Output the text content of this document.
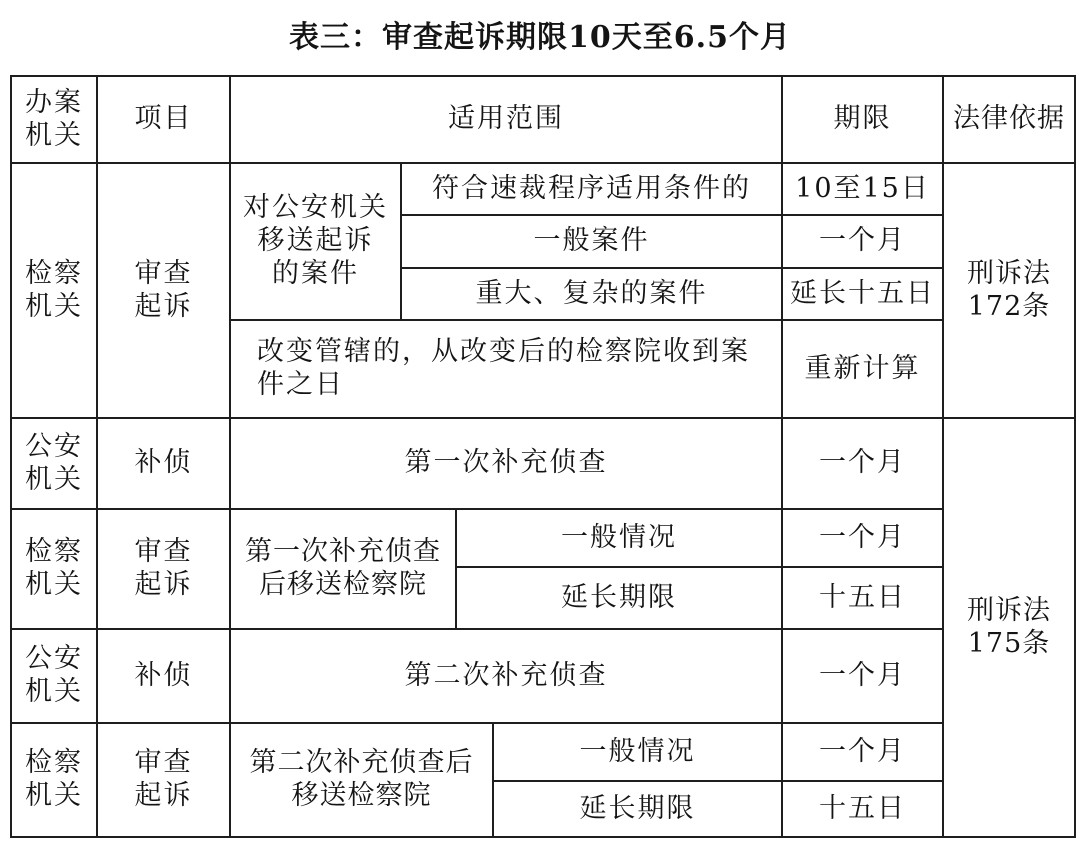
表三：审查起诉期限10天至6.5个月
办案
机关	项目	适用范围				期限	法律依据
检察
机关	审查
起诉	对公安机关
移送起诉
的案件	符合速裁程序适用条件的			10至15日	刑诉法
172条
			一般案件			一个月	
			重大、复杂的案件			延长十五日	
		改变管辖的，从改变后的检察院收到案件之日				重新计算	
公安
机关	补侦	第一次补充侦查				一个月	刑诉法
175条
检察
机关	审查
起诉	第一次补充侦查
后移送检察院		一般情况		一个月	
				延长期限		十五日	
公安
机关	补侦	第二次补充侦查				一个月	
检察
机关	审查
起诉	第二次补充侦查后
移送检察院			一般情况	一个月	
					延长期限	十五日	
